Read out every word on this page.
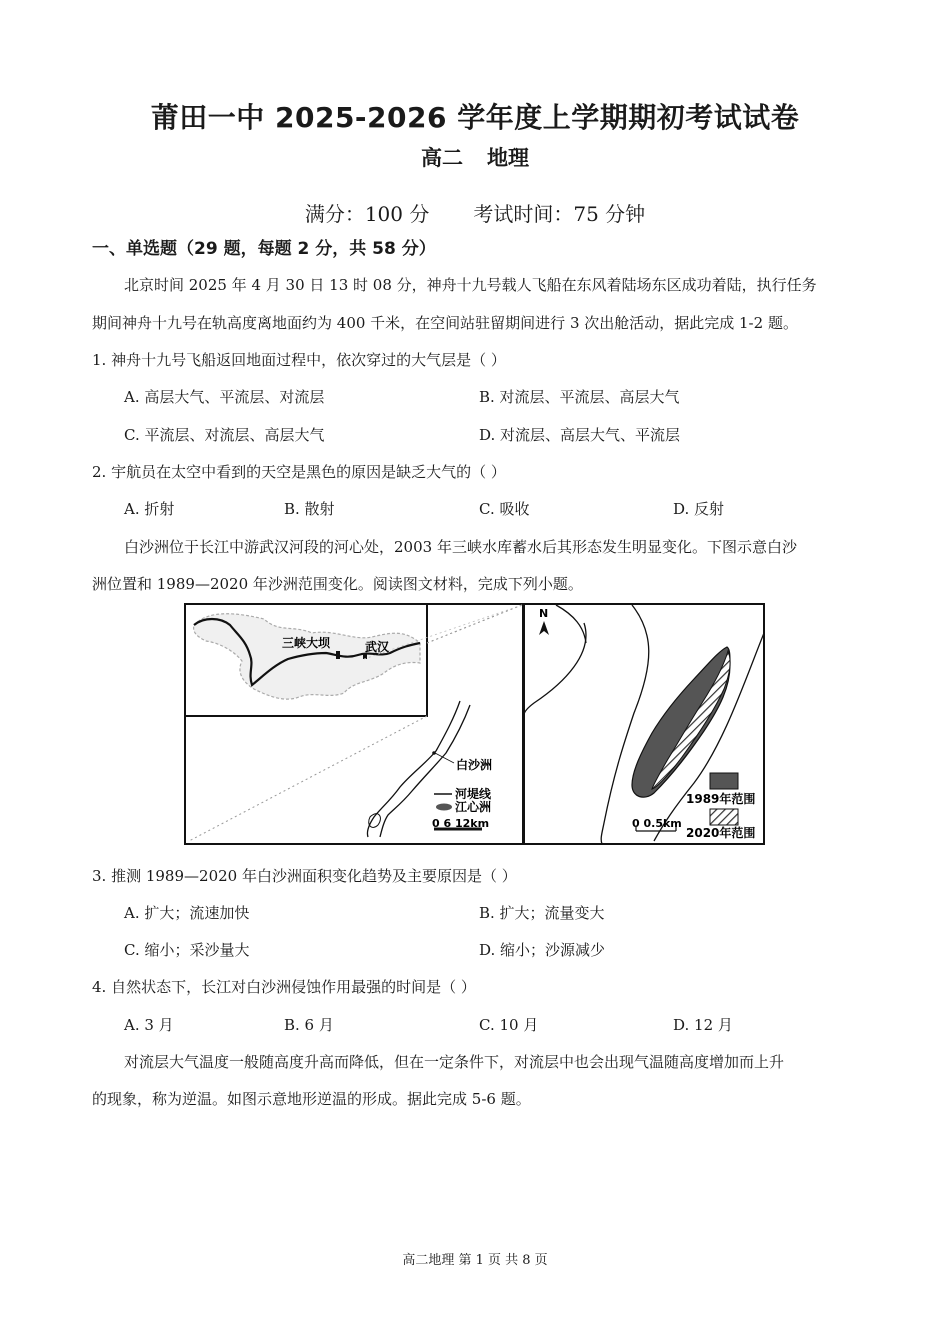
莆田一中 2025-2026 学年度上学期期初考试试卷
高二 地理
满分：100 分 考试时间：75 分钟
一、单选题（29 题，每题 2 分，共 58 分）
北京时间 2025 年 4 月 30 日 13 时 08 分，神舟十九号载人飞船在东风着陆场东区成功着陆，执行任务
期间神舟十九号在轨高度离地面约为 400 千米，在空间站驻留期间进行 3 次出舱活动，据此完成 1-2 题。
1. 神舟十九号飞船返回地面过程中，依次穿过的大气层是（ ）
A. 高层大气、平流层、对流层	B. 对流层、平流层、高层大气
C. 平流层、对流层、高层大气	D. 对流层、高层大气、平流层
2. 宇航员在太空中看到的天空是黑色的原因是缺乏大气的（ ）
A. 折射	B. 散射	C. 吸收	D. 反射
白沙洲位于长江中游武汉河段的河心处，2003 年三峡水库蓄水后其形态发生明显变化。下图示意白沙
洲位置和 1989—2020 年沙洲范围变化。阅读图文材料，完成下列小题。
三峡大坝	武汉
白沙洲
河堤线
江心洲
0 6 12km
N
1989年范围
2020年范围
0 0.5km
3. 推测 1989—2020 年白沙洲面积变化趋势及主要原因是（ ）
A. 扩大；流速加快	B. 扩大；流量变大
C. 缩小；采沙量大	D. 缩小；沙源减少
4. 自然状态下，长江对白沙洲侵蚀作用最强的时间是（ ）
A. 3 月	B. 6 月	C. 10 月	D. 12 月
对流层大气温度一般随高度升高而降低，但在一定条件下，对流层中也会出现气温随高度增加而上升
的现象，称为逆温。如图示意地形逆温的形成。据此完成 5-6 题。
高二地理 第 1 页 共 8 页
